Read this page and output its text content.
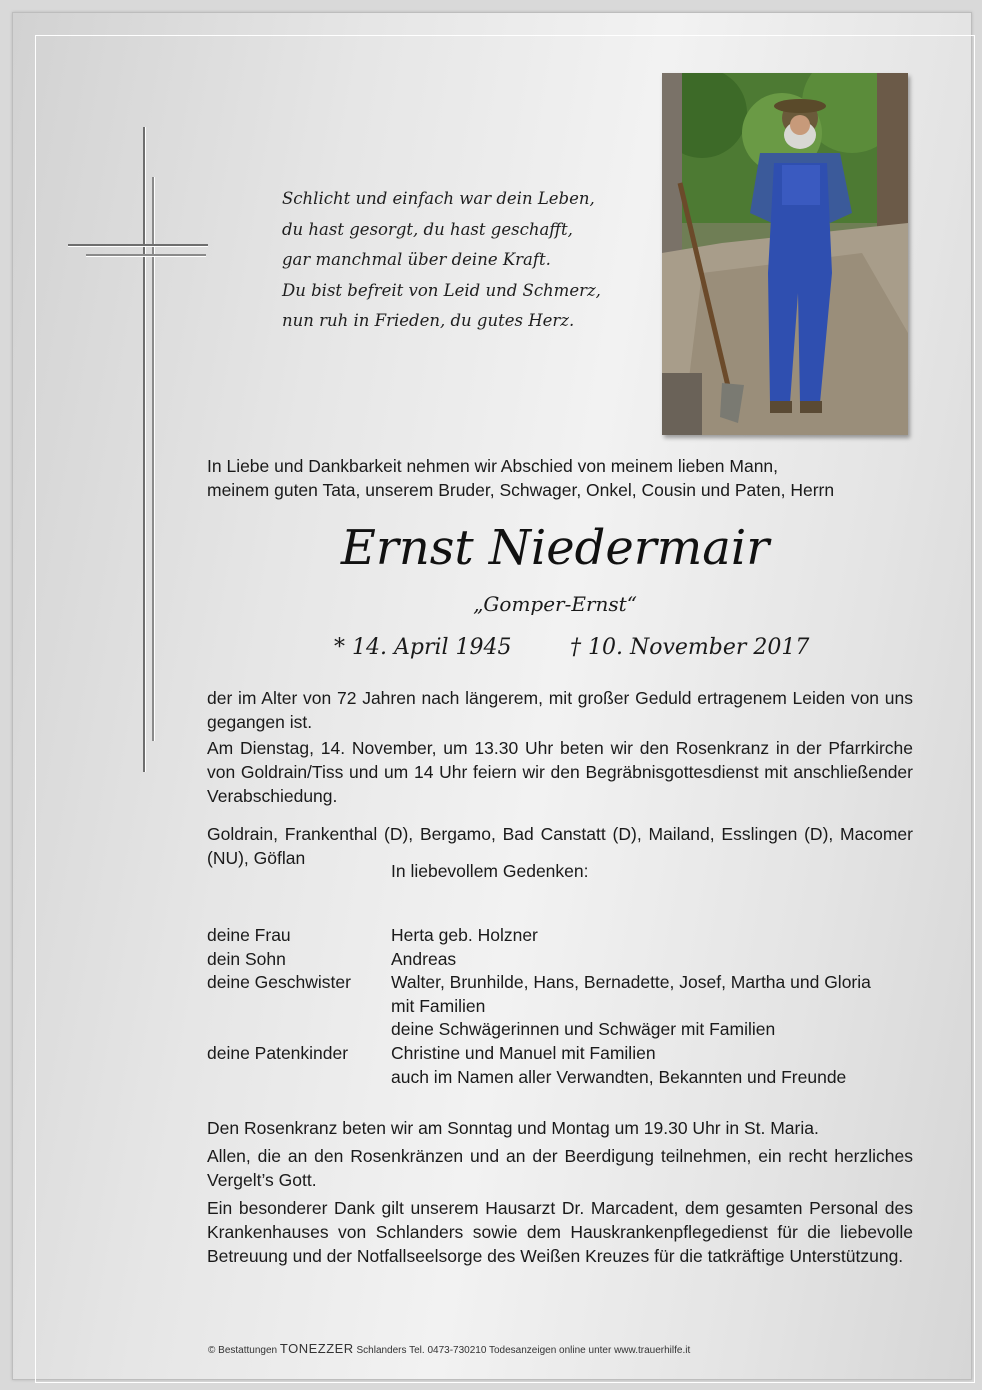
Schlicht und einfach war dein Leben,
du hast gesorgt, du hast geschafft,
gar manchmal über deine Kraft.
Du bist befreit von Leid und Schmerz,
nun ruh in Frieden, du gutes Herz.
In Liebe und Dankbarkeit nehmen wir Abschied von meinem lieben Mann,
meinem guten Tata, unserem Bruder, Schwager, Onkel, Cousin und Paten, Herrn
Ernst Niedermair
„Gomper-Ernst“
* 14. April 1945	† 10. November 2017
der im Alter von 72 Jahren nach längerem, mit großer Geduld ertragenem Leiden von uns gegangen ist.
Am Dienstag, 14. November, um 13.30 Uhr beten wir den Rosenkranz in der Pfarrkirche von Goldrain/Tiss und um 14 Uhr feiern wir den Begräbnisgottesdienst mit anschließender Verabschiedung.
Goldrain, Frankenthal (D), Bergamo, Bad Canstatt (D), Mailand, Esslingen (D), Macomer (NU), Göflan
In liebevollem Gedenken:
deine Frau	Herta geb. Holzner
dein Sohn	Andreas
deine Geschwister	Walter, Brunhilde, Hans, Bernadette, Josef, Martha und Gloria
mit Familien
deine Schwägerinnen und Schwäger mit Familien
deine Patenkinder	Christine und Manuel mit Familien
auch im Namen aller Verwandten, Bekannten und Freunde
Den Rosenkranz beten wir am Sonntag und Montag um 19.30 Uhr in St. Maria.
Allen, die an den Rosenkränzen und an der Beerdigung teilnehmen, ein recht herzliches Vergelt’s Gott.
Ein besonderer Dank gilt unserem Hausarzt Dr. Marcadent, dem gesamten Personal des Krankenhauses von Schlanders sowie dem Hauskrankenpflegedienst für die liebevolle Betreuung und der Notfallseelsorge des Weißen Kreuzes für die tatkräftige Unterstützung.
© Bestattungen TONEZZER Schlanders Tel. 0473-730210 Todesanzeigen online unter www.trauerhilfe.it
